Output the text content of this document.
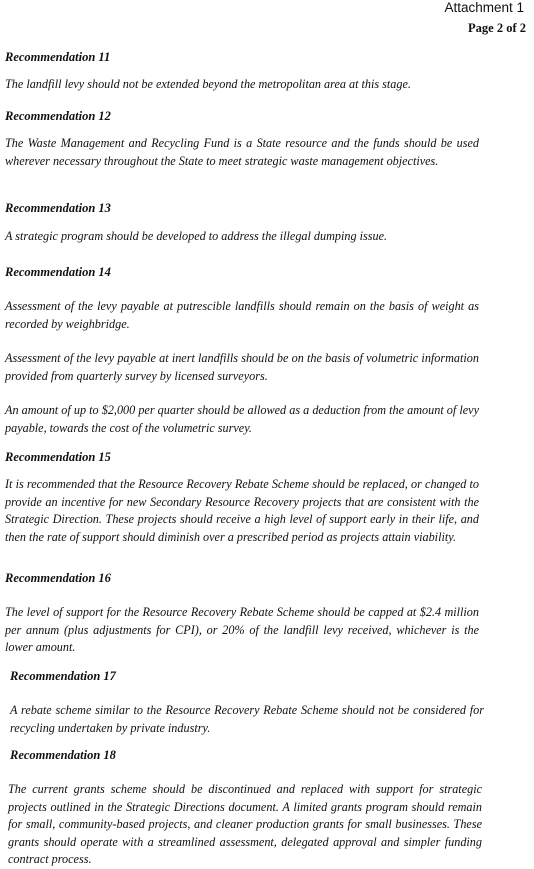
Attachment 1
Page 2 of 2
Recommendation 11
The landfill levy should not be extended beyond the metropolitan area at this stage.
Recommendation 12
The Waste Management and Recycling Fund is a State resource and the funds should be used wherever necessary throughout the State to meet strategic waste management objectives.
Recommendation 13
A strategic program should be developed to address the illegal dumping issue.
Recommendation 14
Assessment of the levy payable at putrescible landfills should remain on the basis of weight as recorded by weighbridge.
Assessment of the levy payable at inert landfills should be on the basis of volumetric information provided from quarterly survey by licensed surveyors.
An amount of up to $2,000 per quarter should be allowed as a deduction from the amount of levy payable, towards the cost of the volumetric survey.
Recommendation 15
It is recommended that the Resource Recovery Rebate Scheme should be replaced, or changed to provide an incentive for new Secondary Resource Recovery projects that are consistent with the Strategic Direction. These projects should receive a high level of support early in their life, and then the rate of support should diminish over a prescribed period as projects attain viability.
Recommendation 16
The level of support for the Resource Recovery Rebate Scheme should be capped at $2.4 million per annum (plus adjustments for CPI), or 20% of the landfill levy received, whichever is the lower amount.
Recommendation 17
A rebate scheme similar to the Resource Recovery Rebate Scheme should not be considered for recycling undertaken by private industry.
Recommendation 18
The current grants scheme should be discontinued and replaced with support for strategic projects outlined in the Strategic Directions document. A limited grants program should remain for small, community-based projects, and cleaner production grants for small businesses. These grants should operate with a streamlined assessment, delegated approval and simpler funding contract process.
